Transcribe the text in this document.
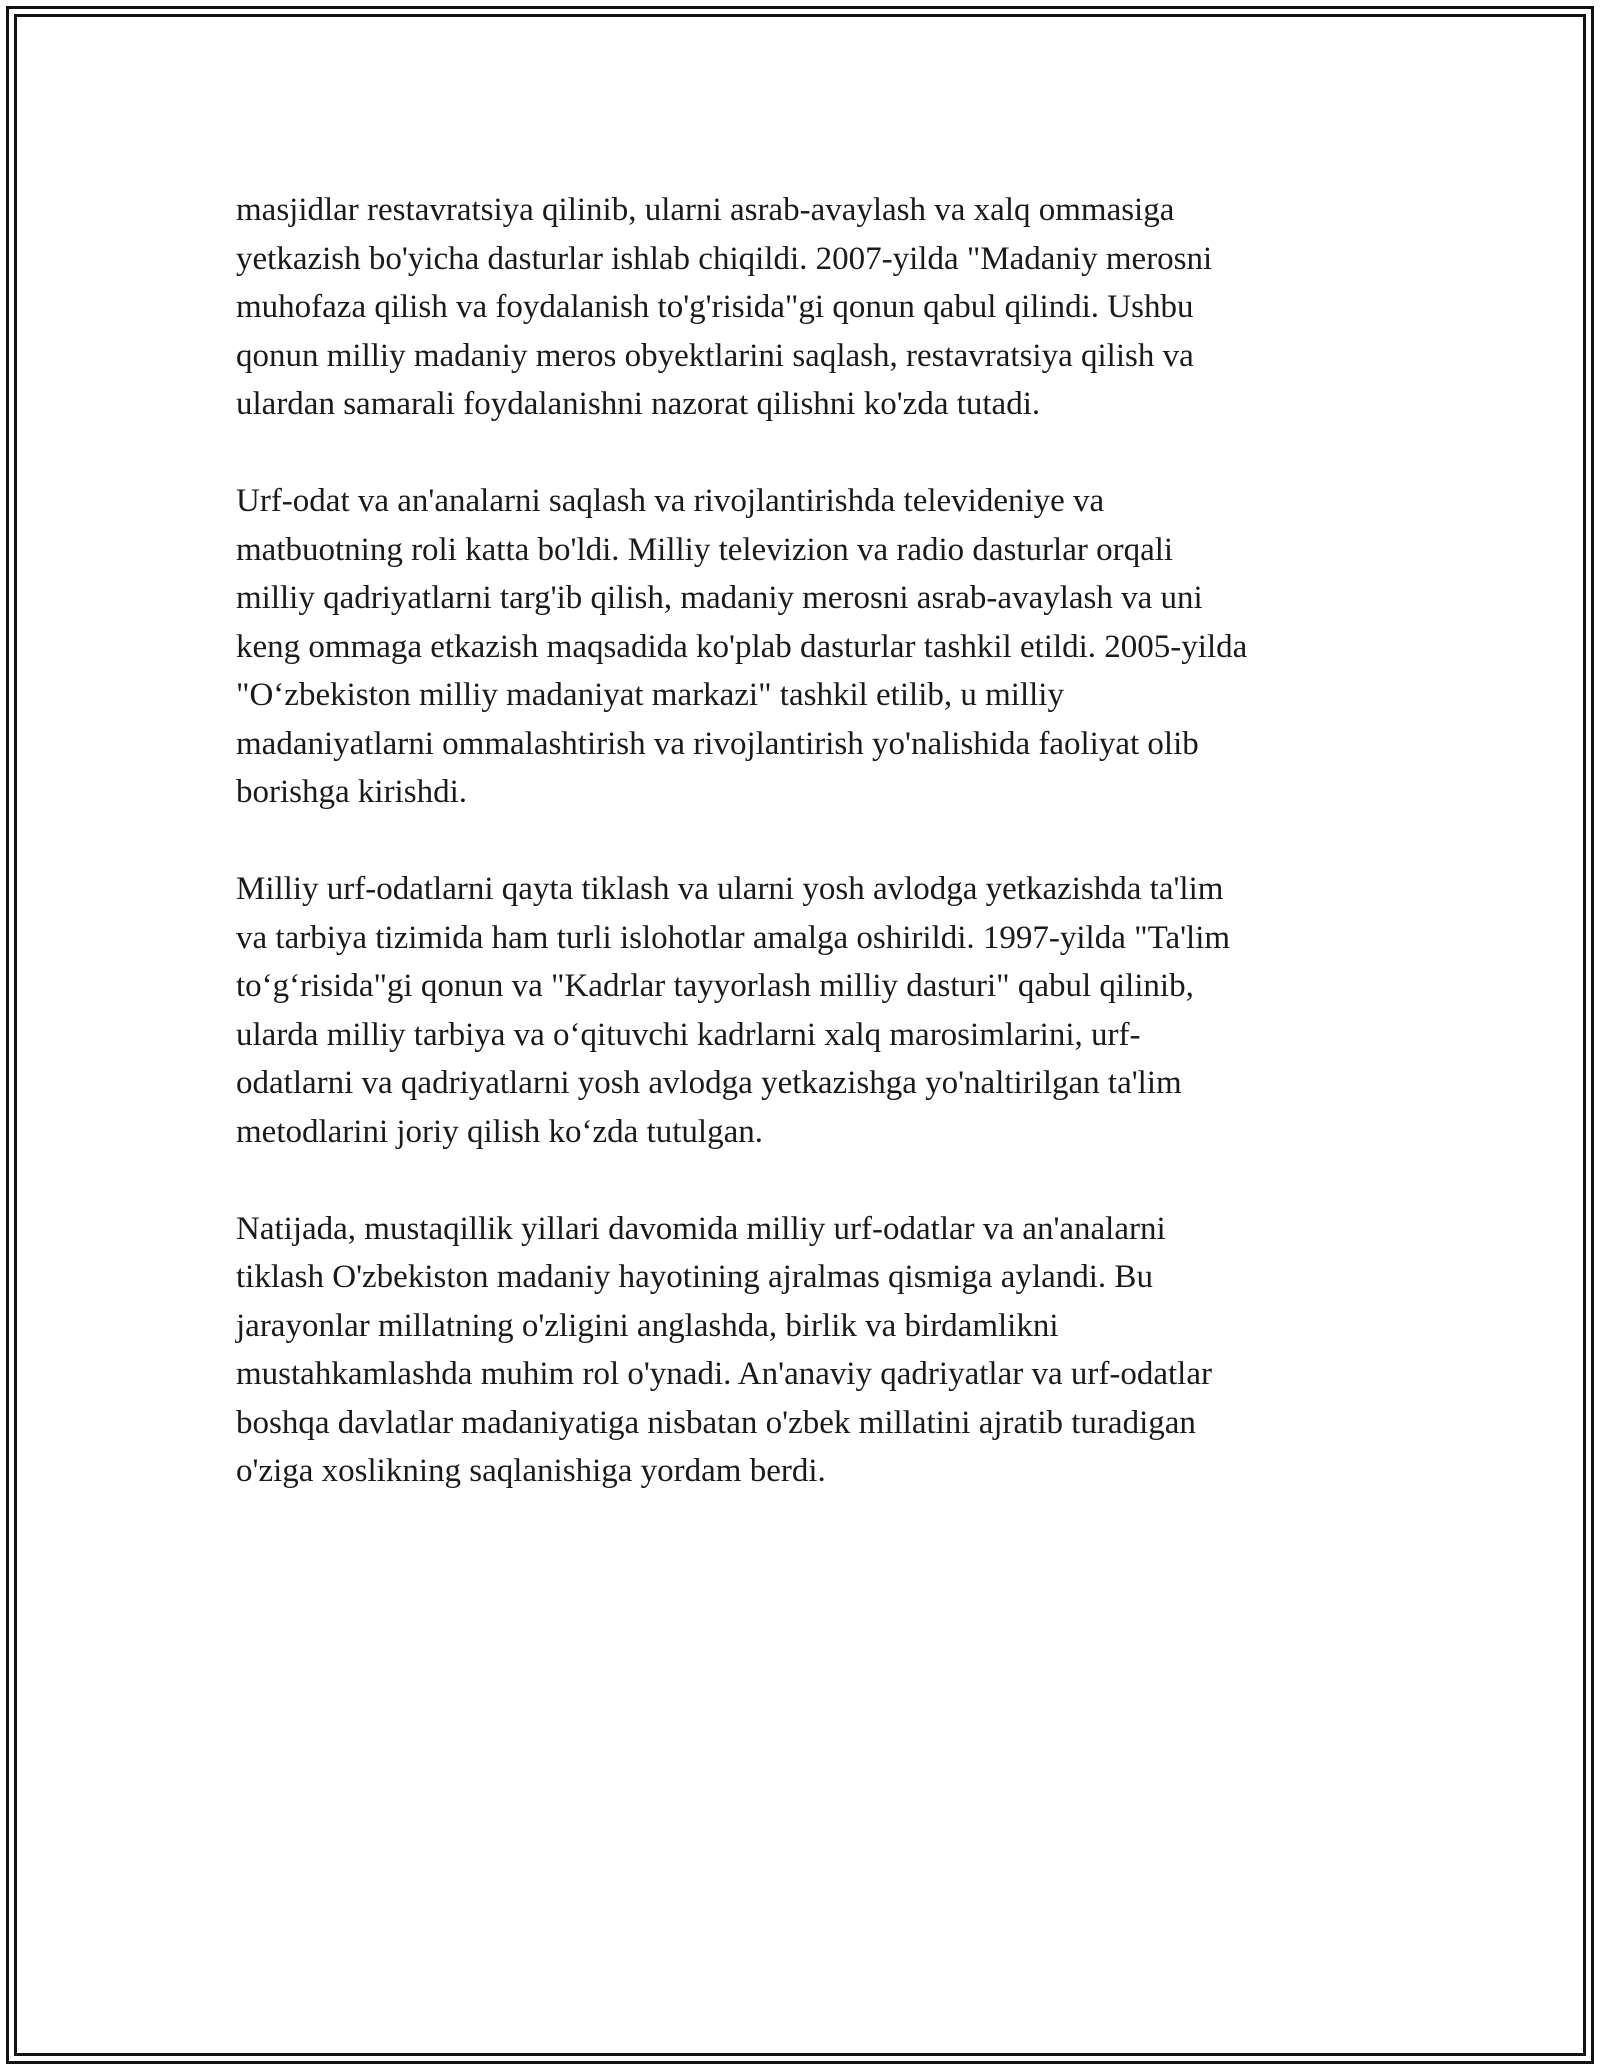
masjidlar restavratsiya qilinib, ularni asrab-avaylash va xalq ommasiga
yetkazish bo'yicha dasturlar ishlab chiqildi. 2007-yilda "Madaniy merosni
muhofaza qilish va foydalanish to'g'risida"gi qonun qabul qilindi. Ushbu
qonun milliy madaniy meros obyektlarini saqlash, restavratsiya qilish va
ulardan samarali foydalanishni nazorat qilishni ko'zda tutadi.

Urf-odat va an'analarni saqlash va rivojlantirishda televideniye va
matbuotning roli katta bo'ldi. Milliy televizion va radio dasturlar orqali
milliy qadriyatlarni targ'ib qilish, madaniy merosni asrab-avaylash va uni
keng ommaga etkazish maqsadida ko'plab dasturlar tashkil etildi. 2005-yilda
"O‘zbekiston milliy madaniyat markazi" tashkil etilib, u milliy
madaniyatlarni ommalashtirish va rivojlantirish yo'nalishida faoliyat olib
borishga kirishdi.

Milliy urf-odatlarni qayta tiklash va ularni yosh avlodga yetkazishda ta'lim
va tarbiya tizimida ham turli islohotlar amalga oshirildi. 1997-yilda "Ta'lim
to‘g‘risida"gi qonun va "Kadrlar tayyorlash milliy dasturi" qabul qilinib,
ularda milliy tarbiya va o‘qituvchi kadrlarni xalq marosimlarini, urf-
odatlarni va qadriyatlarni yosh avlodga yetkazishga yo'naltirilgan ta'lim
metodlarini joriy qilish ko‘zda tutulgan.

Natijada, mustaqillik yillari davomida milliy urf-odatlar va an'analarni
tiklash O'zbekiston madaniy hayotining ajralmas qismiga aylandi. Bu
jarayonlar millatning o'zligini anglashda, birlik va birdamlikni
mustahkamlashda muhim rol o'ynadi. An'anaviy qadriyatlar va urf-odatlar
boshqa davlatlar madaniyatiga nisbatan o'zbek millatini ajratib turadigan
o'ziga xoslikning saqlanishiga yordam berdi.
